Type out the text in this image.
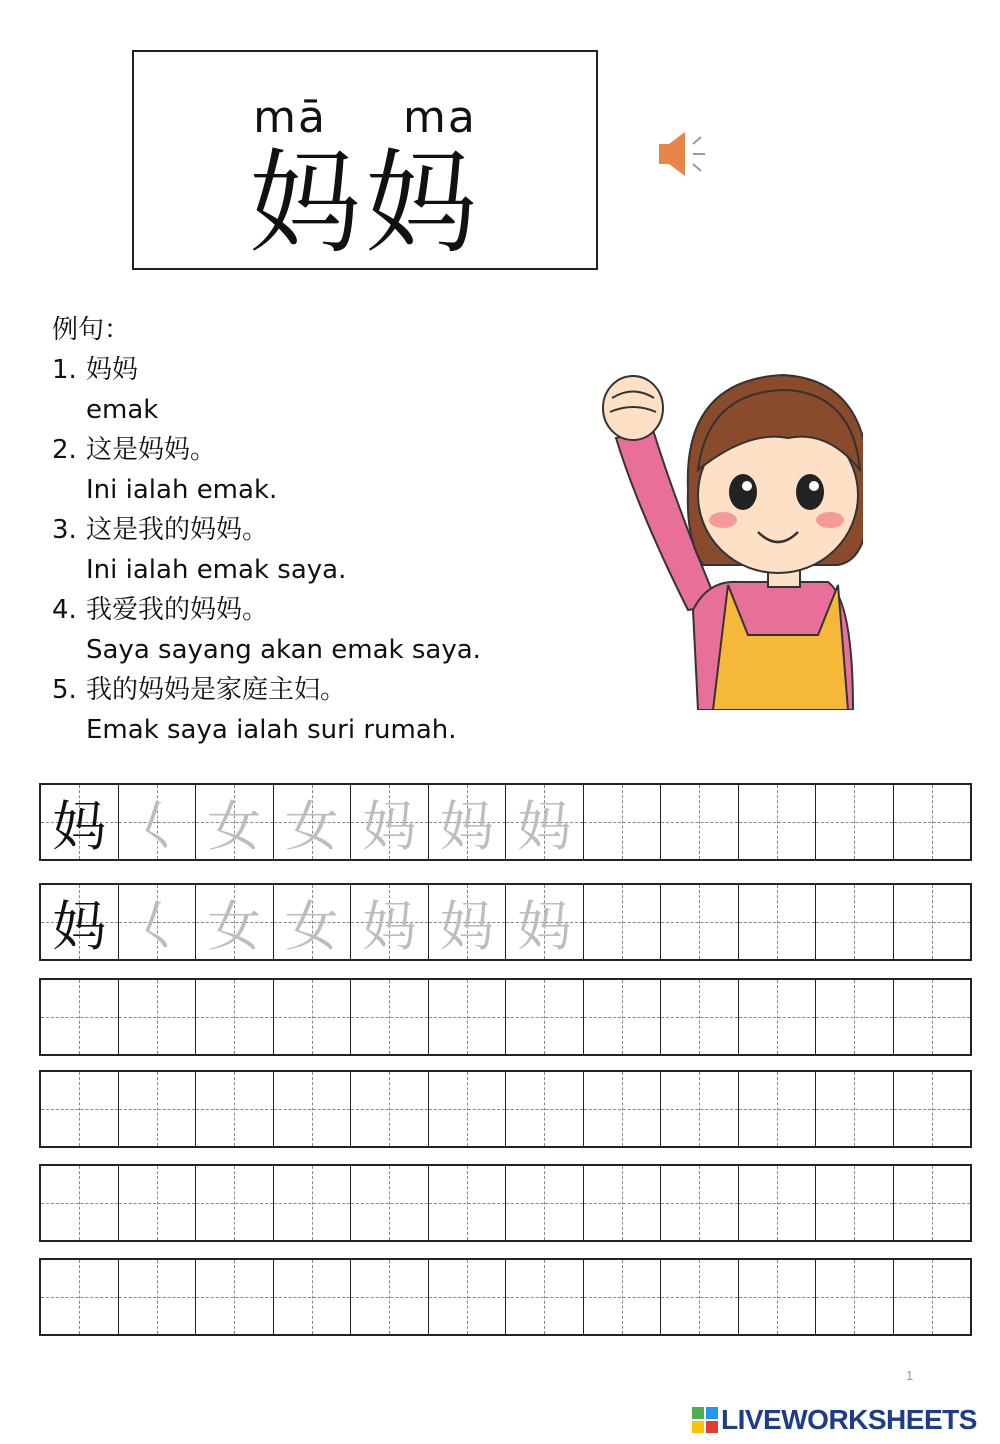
mā ma
妈妈
例句：
1. 妈妈
emak
2. 这是妈妈。
Ini ialah emak.
3. 这是我的妈妈。
Ini ialah emak saya.
4. 我爱我的妈妈。
Saya sayang akan emak saya.
5. 我的妈妈是家庭主妇。
Emak saya ialah suri rumah.
妈 𡿨 女 女 妈 妈 妈
妈 𡿨 女 女 妈 妈 妈
1
LIVEWORKSHEETS
